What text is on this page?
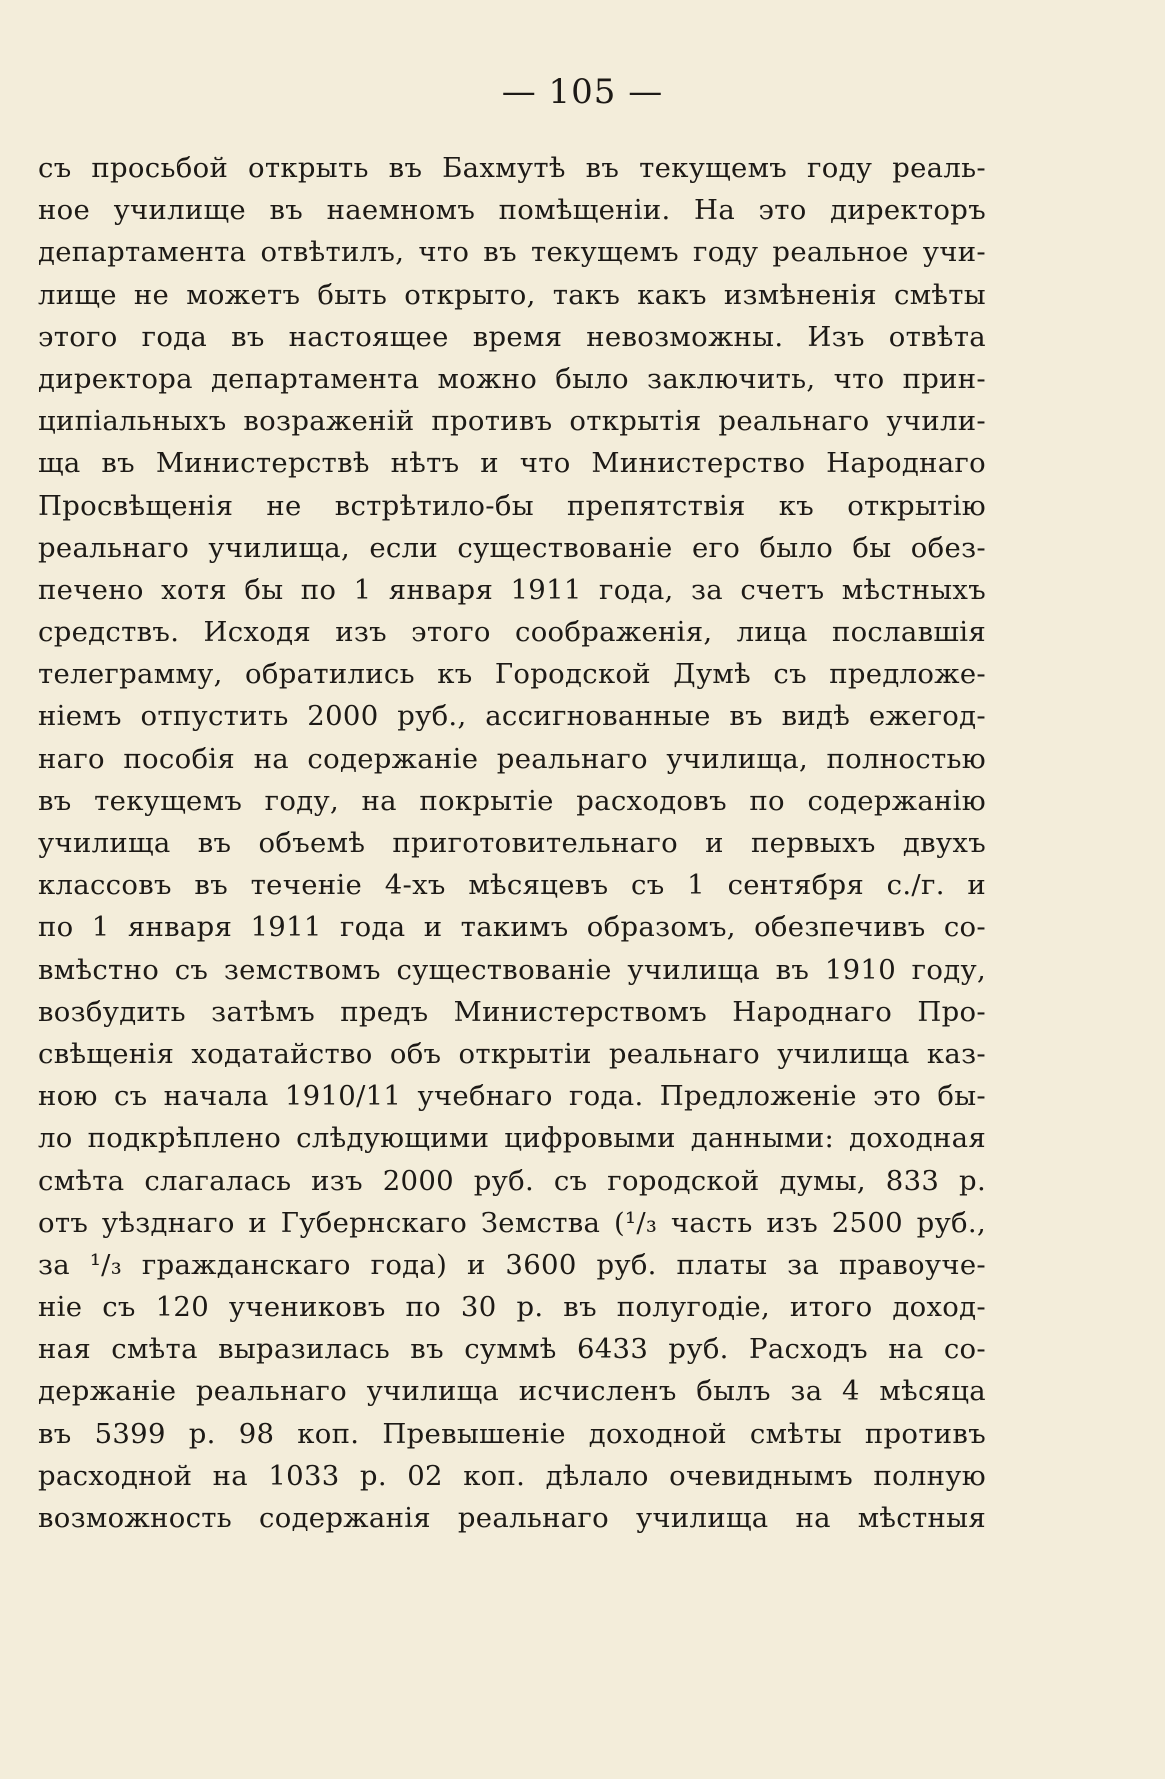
— 105 —
съ просьбой открыть въ Бахмутѣ въ текущемъ году реаль-
ное училище въ наемномъ помѣщеніи. На это директоръ
департамента отвѣтилъ, что въ текущемъ году реальное учи-
лище не можетъ быть открыто, такъ какъ измѣненія смѣты
этого года въ настоящее время невозможны. Изъ отвѣта
директора департамента можно было заключить, что прин-
ципіальныхъ возраженій противъ открытія реальнаго учили-
ща въ Министерствѣ нѣтъ и что Министерство Народнаго
Просвѣщенія не встрѣтило-бы препятствія къ открытію
реальнаго училища, если существованіе его было бы обез-
печено хотя бы по 1 января 1911 года, за счетъ мѣстныхъ
средствъ. Исходя изъ этого соображенія, лица пославшія
телеграмму, обратились къ Городской Думѣ съ предложе-
ніемъ отпустить 2000 руб., ассигнованные въ видѣ ежегод-
наго пособія на содержаніе реальнаго училища, полностью
въ текущемъ году, на покрытіе расходовъ по содержанію
училища въ объемѣ приготовительнаго и первыхъ двухъ
классовъ въ теченіе 4-хъ мѣсяцевъ съ 1 сентября с./г. и
по 1 января 1911 года и такимъ образомъ, обезпечивъ со-
вмѣстно съ земствомъ существованіе училища въ 1910 году,
возбудить затѣмъ предъ Министерствомъ Народнаго Про-
свѣщенія ходатайство объ открытіи реальнаго училища каз-
ною съ начала 1910/11 учебнаго года. Предложеніе это бы-
ло подкрѣплено слѣдующими цифровыми данными: доходная
смѣта слагалась изъ 2000 руб. съ городской думы, 833 р.
отъ уѣзднаго и Губернскаго Земства (¹/₃ часть изъ 2500 руб.,
за ¹/₃ гражданскаго года) и 3600 руб. платы за правоуче-
ніе съ 120 учениковъ по 30 р. въ полугодіе, итого доход-
ная смѣта выразилась въ суммѣ 6433 руб. Расходъ на со-
держаніе реальнаго училища исчисленъ былъ за 4 мѣсяца
въ 5399 р. 98 коп. Превышеніе доходной смѣты противъ
расходной на 1033 р. 02 коп. дѣлало очевиднымъ полную
возможность содержанія реальнаго училища на мѣстныя
